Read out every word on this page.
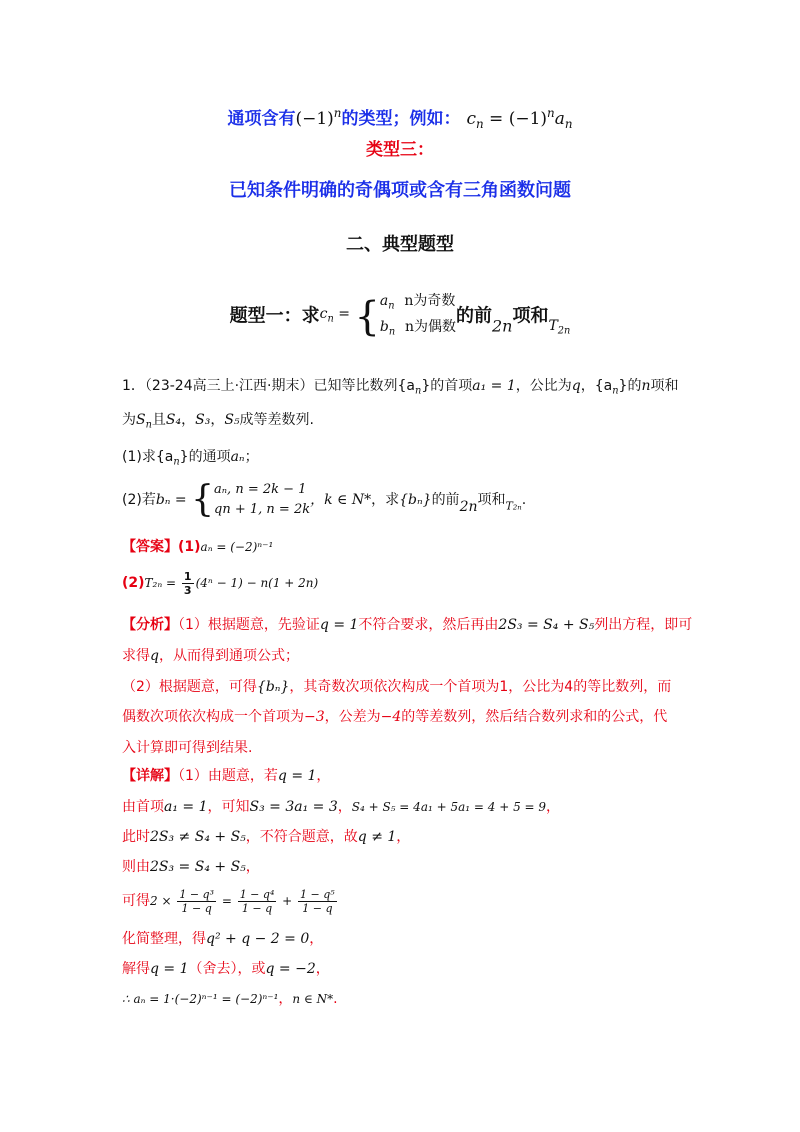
通项含有$(-1)^n$的类型；例如： $c_n = (-1)^na_n$
类型三：
已知条件明确的奇偶项或含有三角函数问题
二、典型题型
题型一：求$c_n$ = { $a_n$ n为奇数
$b_n$ n为偶数 的前2n项和$_{T_{2n}}$
1．（23-24高三上·江西·期末）已知等比数列$\{a_n\}$的首项a₁ = 1，公比为q，$\{a_n\}$的n项和
为$S_n$且S₄，S₃，S₅成等差数列.
(1)求$\{a_n\}$的通项aₙ；
(2)若bₙ = { aₙ, n = 2k − 1
qn + 1, n = 2k
，k ∈ N*，求{bₙ}的前2n项和$_{T_{2n}}$.
【答案】(1)aₙ = (−2)ⁿ⁻¹
$(2)T_{2n} = \frac{1}{3} (4^n - 1) - n(1 + 2n)$
【分析】（1）根据题意，先验证q = 1不符合要求，然后再由2S₃ = S₄ + S₅列出方程，即可
求得q，从而得到通项公式；
（2）根据题意，可得{bₙ}，其奇数次项依次构成一个首项为1，公比为4的等比数列，而
偶数次项依次构成一个首项为−3，公差为−4的等差数列，然后结合数列求和的公式，代
入计算即可得到结果.
【详解】（1）由题意，若q = 1，
由首项a₁ = 1，可知S₃ = 3a₁ = 3，S₄ + S₅ = 4a₁ + 5a₁ = 4 + 5 = 9，
此时2S₃ ≠ S₄ + S₅，不符合题意，故q ≠ 1，
则由2S₃ = S₄ + S₅，
可得$2 \times \frac{\text{1 − q³}}{1 - q} = \frac{\text{1 − q⁴}}{1 - q} + \frac{\text{1 − q⁵}}{1 - q}$
化简整理，得q² + q − 2 = 0，
解得q = 1（舍去），或q = −2，
∴ aₙ = 1·(−2)ⁿ⁻¹ = (−2)ⁿ⁻¹，n ∈ N*.
